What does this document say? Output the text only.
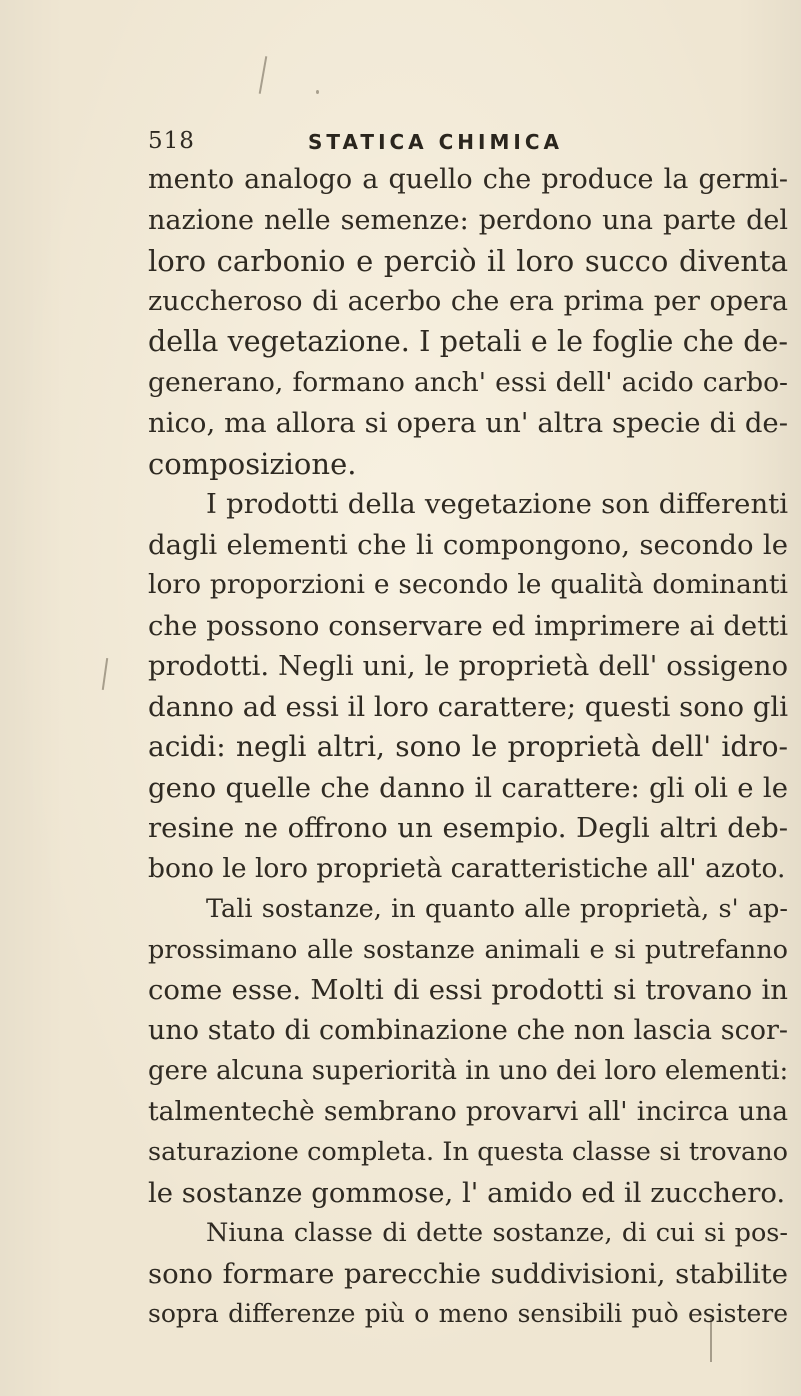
518	STATICA CHIMICA
mento analogo a quello che produce la germi-
nazione nelle semenze: perdono una parte del
loro carbonio e perciò il loro succo diventa
zuccheroso di acerbo che era prima per opera
della vegetazione. I petali e le foglie che de-
generano, formano anch' essi dell' acido carbo-
nico, ma allora si opera un' altra specie di de-
composizione.
I prodotti della vegetazione son differenti
dagli elementi che li compongono, secondo le
loro proporzioni e secondo le qualità dominanti
che possono conservare ed imprimere ai detti
prodotti. Negli uni, le proprietà dell' ossigeno
danno ad essi il loro carattere; questi sono gli
acidi: negli altri, sono le proprietà dell' idro-
geno quelle che danno il carattere: gli oli e le
resine ne offrono un esempio. Degli altri deb-
bono le loro proprietà caratteristiche all' azoto.
Tali sostanze, in quanto alle proprietà, s' ap-
prossimano alle sostanze animali e si putrefanno
come esse. Molti di essi prodotti si trovano in
uno stato di combinazione che non lascia scor-
gere alcuna superiorità in uno dei loro elementi:
talmentechè sembrano provarvi all' incirca una
saturazione completa. In questa classe si trovano
le sostanze gommose, l' amido ed il zucchero.
Niuna classe di dette sostanze, di cui si pos-
sono formare parecchie suddivisioni, stabilite
sopra differenze più o meno sensibili può esistere
